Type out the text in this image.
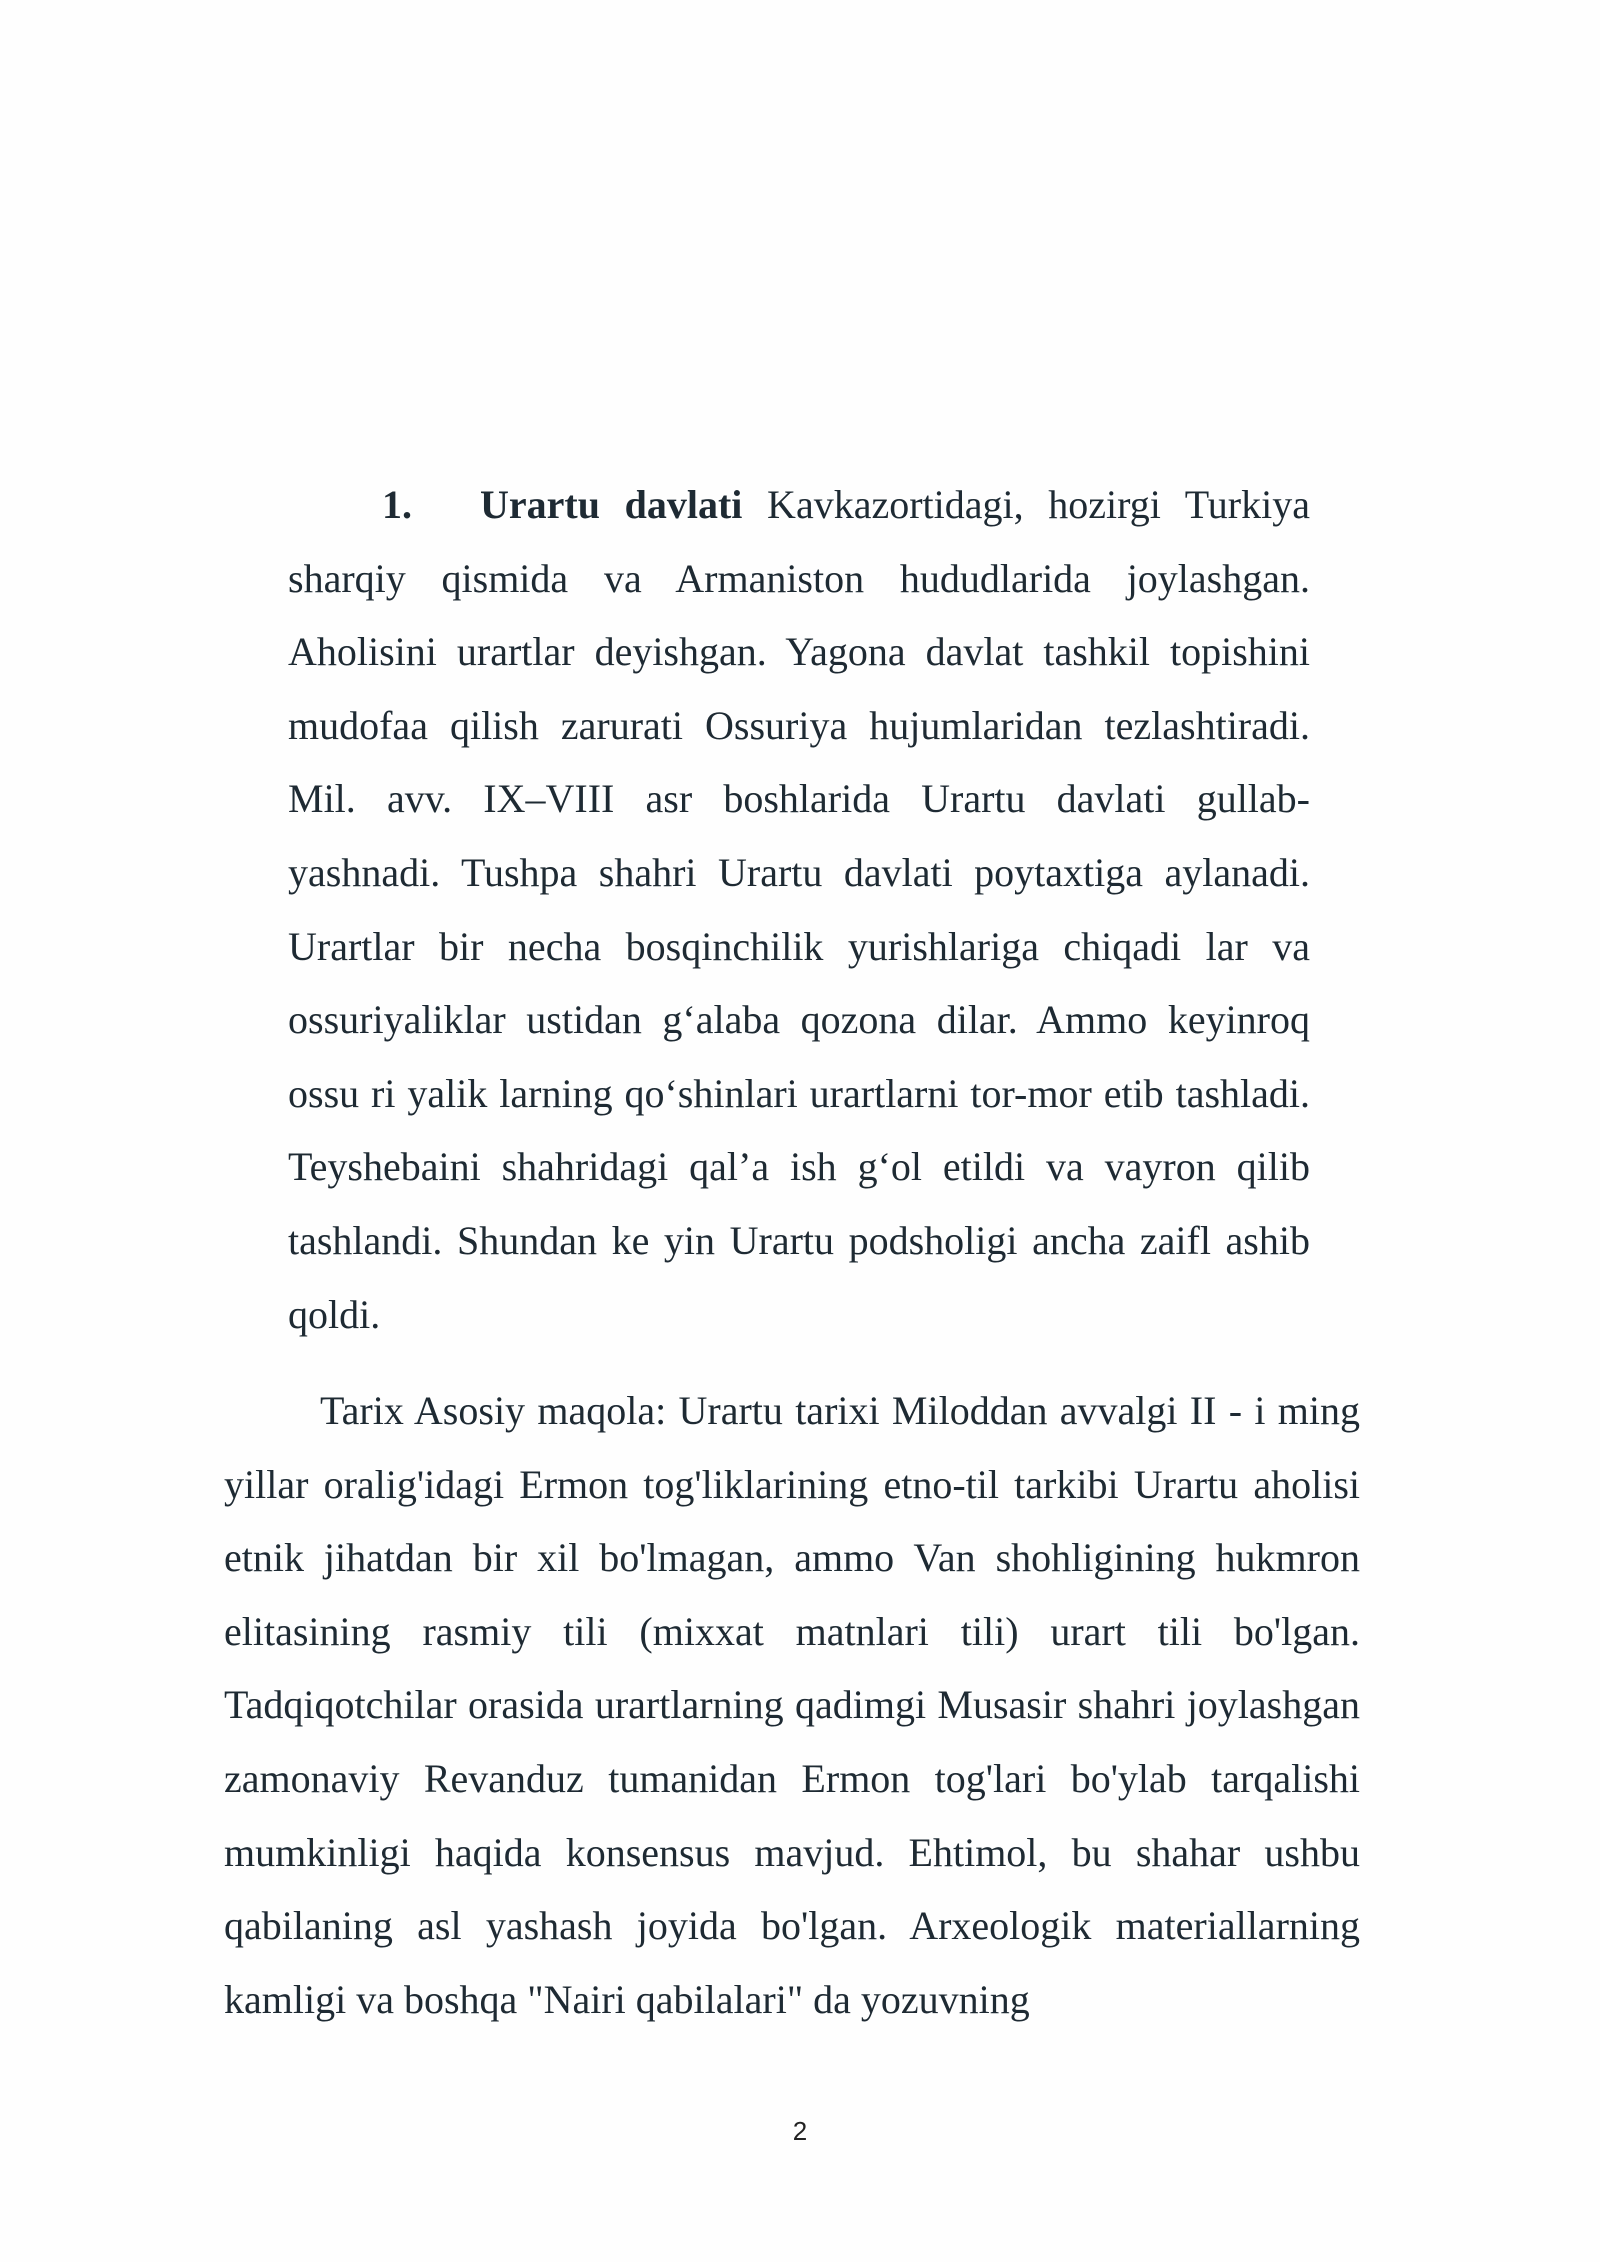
1. Urartu davlati Kavkazortidagi, hozirgi Turkiya sharqiy qismida va Armaniston hududlarida joylashgan. Aholisini urartlar deyishgan. Yagona davlat tashkil topishini mudofaa qilish zarurati Ossuriya hujumlaridan tezlashtiradi. Mil. avv. IX–VIII asr boshlarida Urartu davlati gullab-yashnadi. Tushpa shahri Urartu davlati poytaxtiga aylanadi. Urartlar bir necha bosqinchilik yurishlariga chiqadi lar va ossuriyaliklar ustidan g‘alaba qozona dilar. Ammo keyinroq ossu ri yalik larning qo‘shinlari urartlarni tor-mor etib tashladi. Teyshebaini shahridagi qal’a ish g‘ol etildi va vayron qilib tashlandi. Shundan ke yin Urartu podsholigi ancha zaifl ashib qoldi.

Tarix Asosiy maqola: Urartu tarixi Miloddan avvalgi II - i ming yillar oralig'idagi Ermon tog'liklarining etno-til tarkibi Urartu aholisi etnik jihatdan bir xil bo'lmagan, ammo Van shohligining hukmron elitasining rasmiy tili (mixxat matnlari tili) urart tili bo'lgan. Tadqiqotchilar orasida urartlarning qadimgi Musasir shahri joylashgan zamonaviy Revanduz tumanidan Ermon tog'lari bo'ylab tarqalishi mumkinligi haqida konsensus mavjud. Ehtimol, bu shahar ushbu qabilaning asl yashash joyida bo'lgan. Arxeologik materiallarning kamligi va boshqa "Nairi qabilalari" da yozuvning

2
